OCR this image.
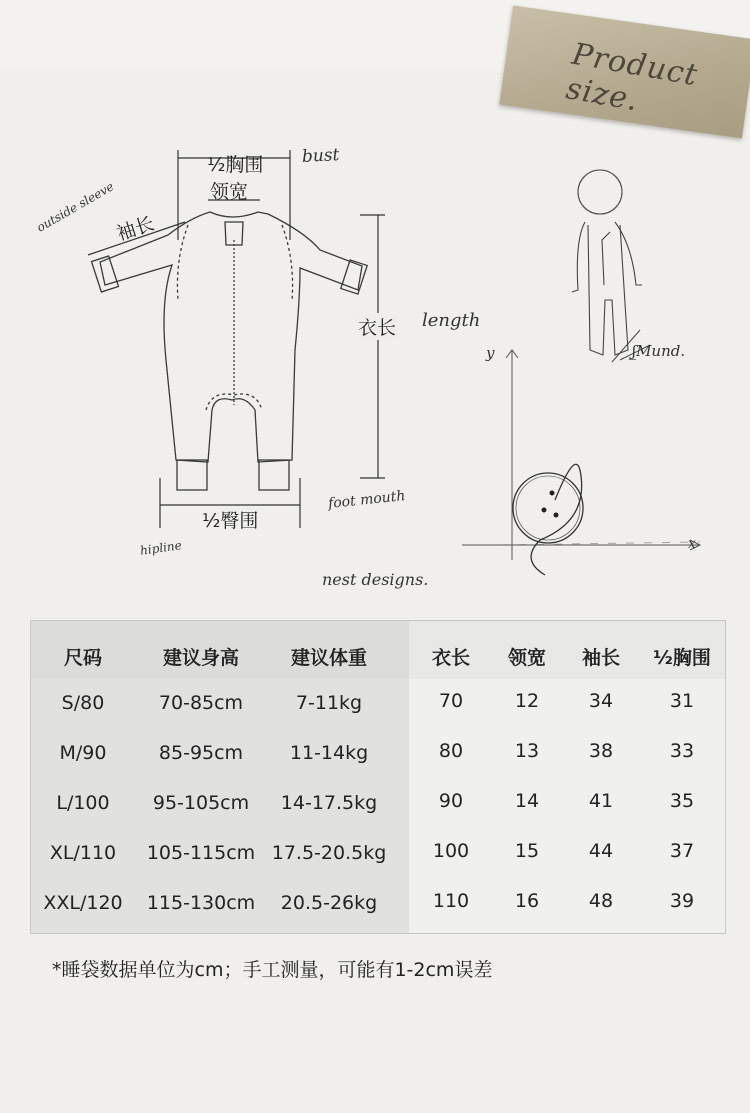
Product size.
½胸围
领宽
袖长
衣长
½臀围
bust
outside sleeve
length
foot mouth
hipline
nest designs.
ʃ̲Mund.
y
x
尺码	建议身高	建议体重	衣长	领宽	袖长	½胸围
S/80	70-85cm	7-11kg	70	12	34	31
M/90	85-95cm	11-14kg	80	13	38	33
L/100	95-105cm	14-17.5kg	90	14	41	35
XL/110	105-115cm 17.5-20.5kg	100	15	44	37
XXL/120	115-130cm	20.5-26kg	110	16	48	39
*睡袋数据单位为cm；手工测量，可能有1-2cm误差
